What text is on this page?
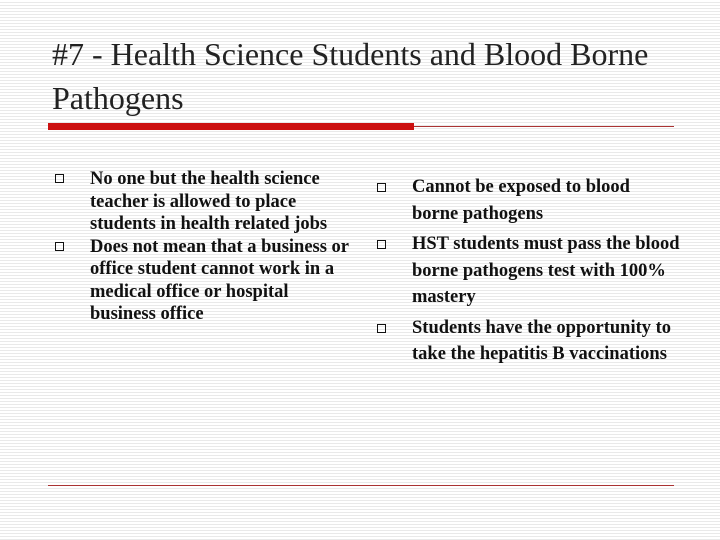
#7 - Health Science Students and Blood Borne Pathogens
No one but the health science teacher is allowed to place students in health related jobs
Does not mean that a business or office student cannot work in a medical office or hospital business office
Cannot be exposed to blood borne pathogens
HST students must pass the blood borne pathogens test with 100% mastery
Students have the opportunity to take the hepatitis B vaccinations
